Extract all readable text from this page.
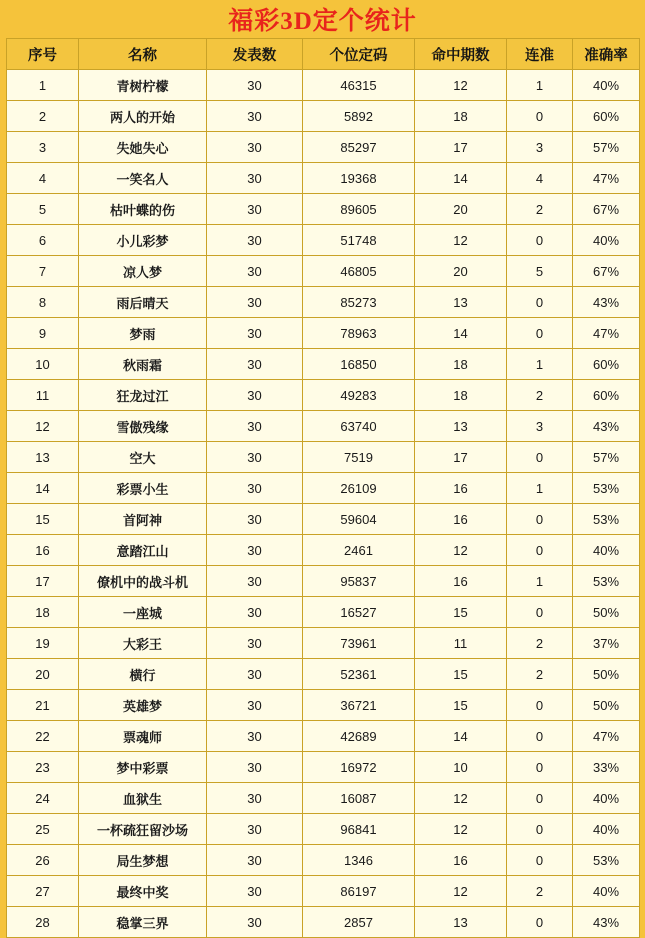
福彩3D定个统计
序号	名称	发表数	个位定码	命中期数	连准	准确率
1	青树柠檬	30	46315	12	1	40%
2	两人的开始	30	5892	18	0	60%
3	失她失心	30	85297	17	3	57%
4	一笑名人	30	19368	14	4	47%
5	枯叶蝶的伤	30	89605	20	2	67%
6	小儿彩梦	30	51748	12	0	40%
7	凉人梦	30	46805	20	5	67%
8	雨后晴天	30	85273	13	0	43%
9	梦雨	30	78963	14	0	47%
10	秋雨霜	30	16850	18	1	60%
11	狂龙过江	30	49283	18	2	60%
12	雪傲残缘	30	63740	13	3	43%
13	空大	30	7519	17	0	57%
14	彩票小生	30	26109	16	1	53%
15	首阿神	30	59604	16	0	53%
16	意踏江山	30	2461	12	0	40%
17	僚机中的战斗机	30	95837	16	1	53%
18	一座城	30	16527	15	0	50%
19	大彩王	30	73961	11	2	37%
20	横行	30	52361	15	2	50%
21	英雄梦	30	36721	15	0	50%
22	票魂师	30	42689	14	0	47%
23	梦中彩票	30	16972	10	0	33%
24	血狱生	30	16087	12	0	40%
25	一杯疏狂留沙场	30	96841	12	0	40%
26	局生梦想	30	1346	16	0	53%
27	最终中奖	30	86197	12	2	40%
28	稳掌三界	30	2857	13	0	43%
